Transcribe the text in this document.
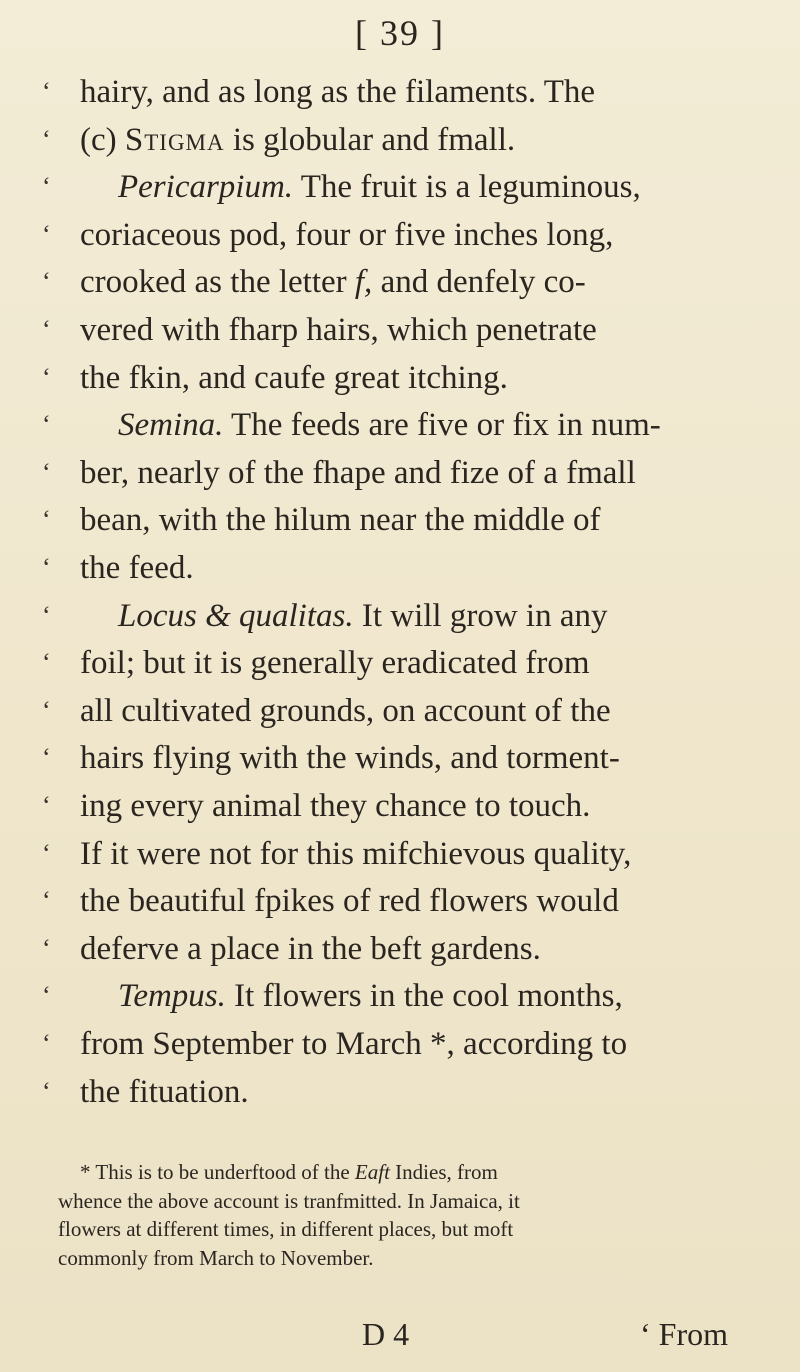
[ 39 ]
‘ hairy, and as long as the filaments. The
‘ (c) Stigma is globular and fmall.
‘ Pericarpium. The fruit is a leguminous,
‘ coriaceous pod, four or five inches long,
‘ crooked as the letter f, and denfely co-
‘ vered with fharp hairs, which penetrate
‘ the fkin, and caufe great itching.
‘ Semina. The feeds are five or fix in num-
‘ ber, nearly of the fhape and fize of a fmall
‘ bean, with the hilum near the middle of
‘ the feed.
‘ Locus & qualitas. It will grow in any
‘ foil; but it is generally eradicated from
‘ all cultivated grounds, on account of the
‘ hairs flying with the winds, and torment-
‘ ing every animal they chance to touch.
‘ If it were not for this mifchievous quality,
‘ the beautiful fpikes of red flowers would
‘ deferve a place in the beft gardens.
‘ Tempus. It flowers in the cool months,
‘ from September to March *, according to
‘ the fituation.
* This is to be underftood of the Eaft Indies, from
whence the above account is tranfmitted. In Jamaica, it
flowers at different times, in different places, but moft
commonly from March to November.
D 4	‘ From
